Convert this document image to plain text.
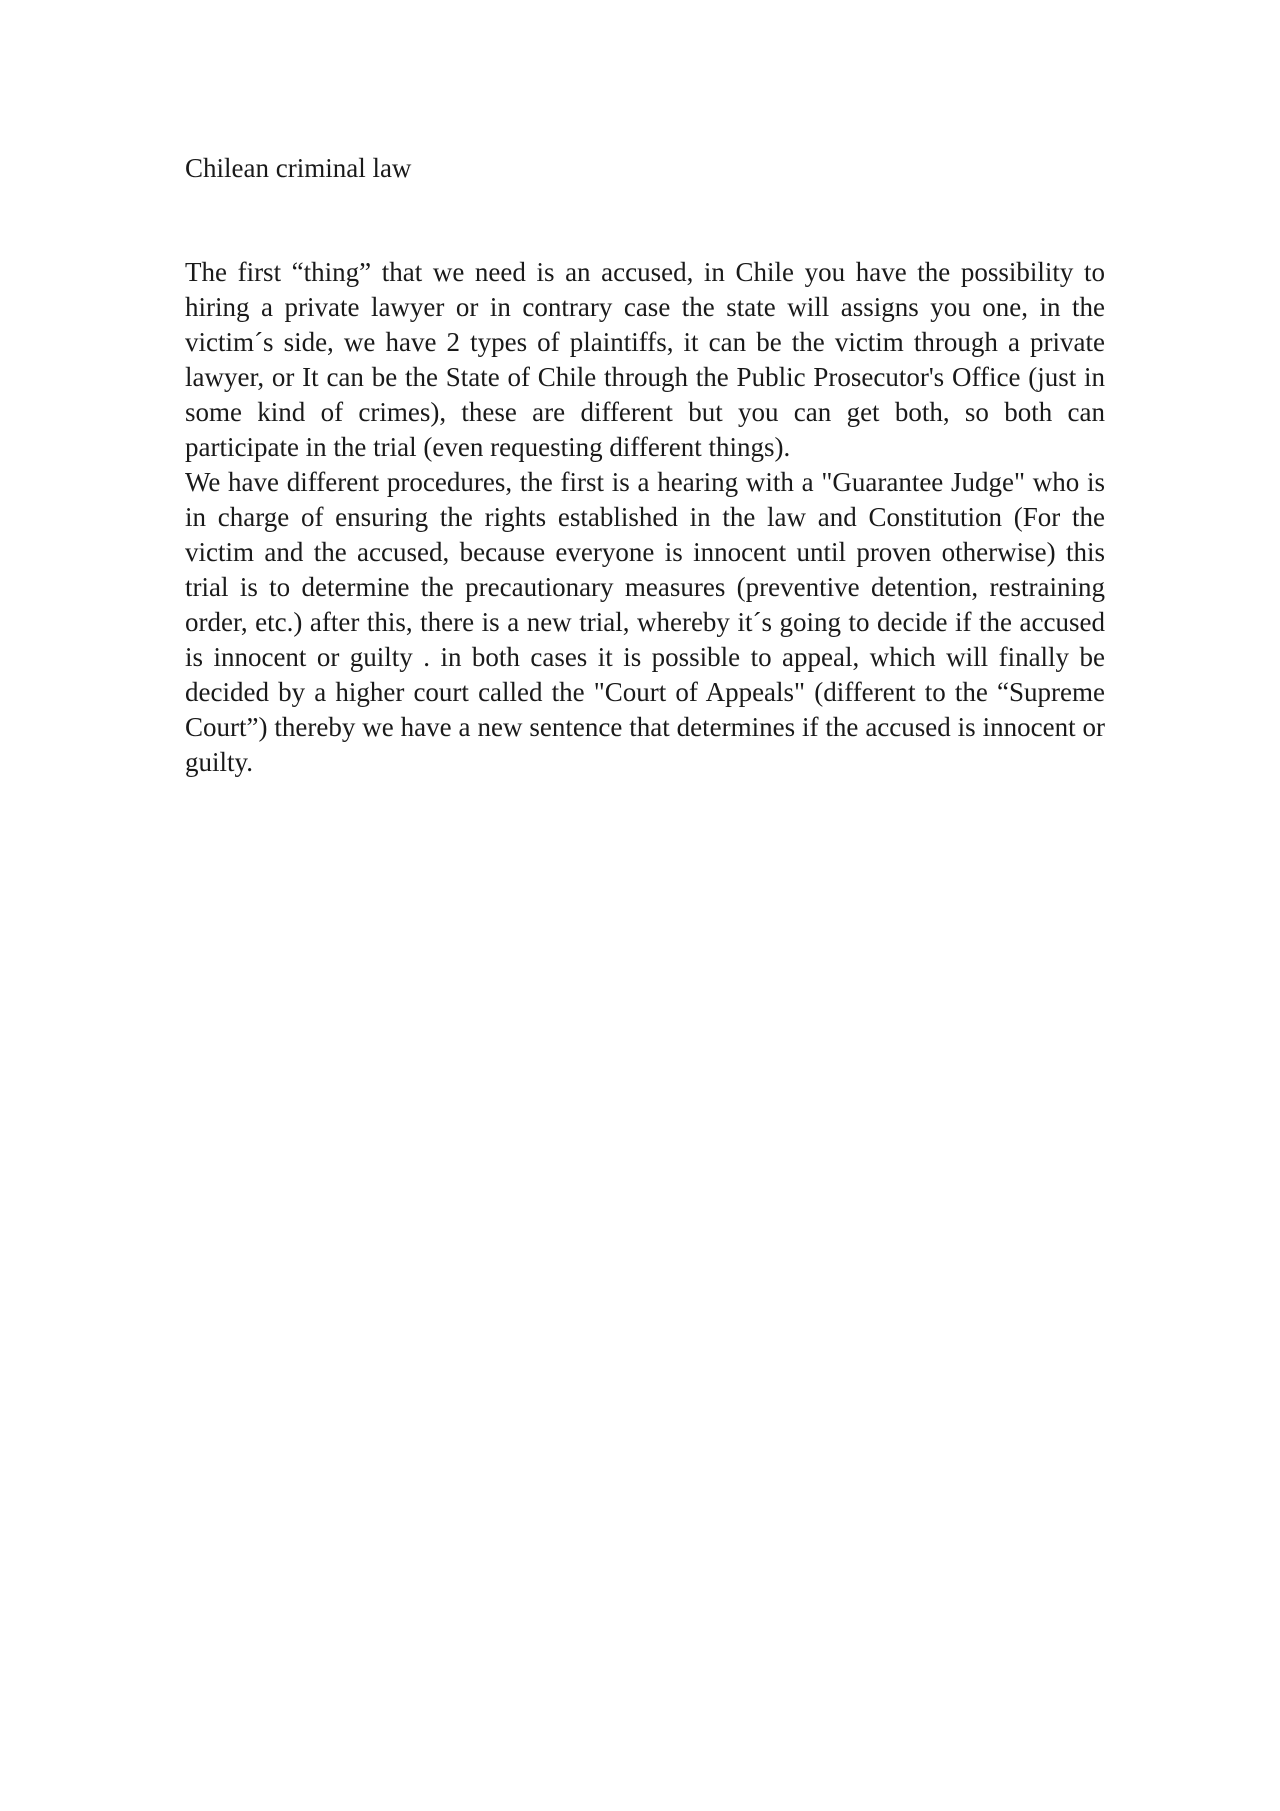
Chilean criminal law

The first “thing” that we need is an accused, in Chile you have the possibility to hiring a private lawyer or in contrary case the state will assigns you one, in the victim´s side, we have 2 types of plaintiffs, it can be the victim through a private lawyer, or It can be the State of Chile through the Public Prosecutor's Office (just in some kind of crimes), these are different but you can get both, so both can participate in the trial (even requesting different things).

We have different procedures, the first is a hearing with a "Guarantee Judge" who is in charge of ensuring the rights established in the law and Constitution (For the victim and the accused, because everyone is innocent until proven otherwise) this trial is to determine the precautionary measures (preventive detention, restraining order, etc.) after this, there is a new trial, whereby it´s going to decide if the accused is innocent or guilty . in both cases it is possible to appeal, which will finally be decided by a higher court called the "Court of Appeals" (different to the “Supreme Court”) thereby we have a new sentence that determines if the accused is innocent or guilty.
